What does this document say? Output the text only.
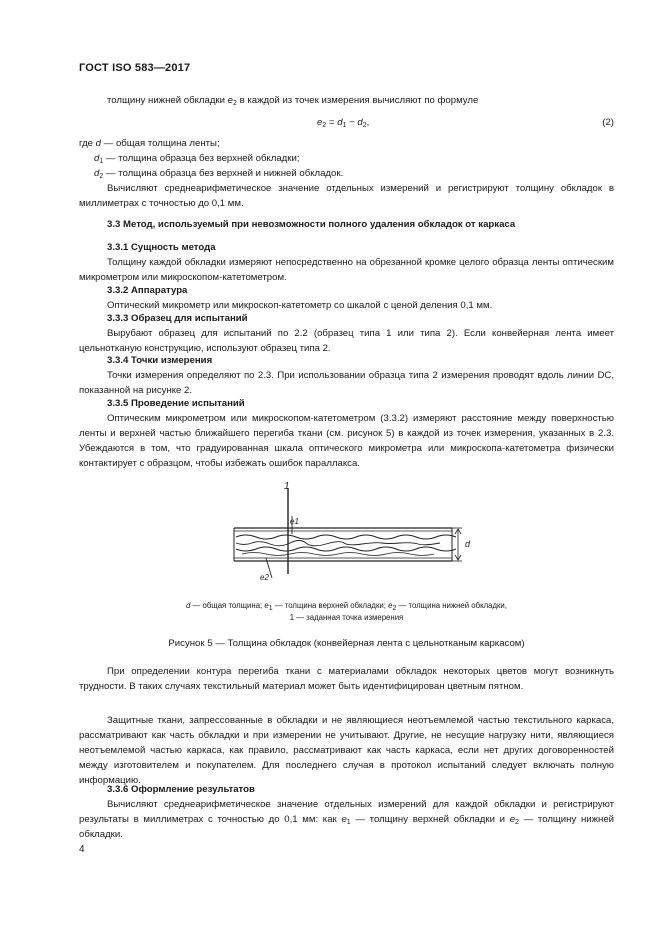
ГОСТ ISO 583—2017
толщину нижней обкладки $e_2$ в каждой из точек измерения вычисляют по формуле
$e_2 = d_1 - d_2$,	(2)
где d — общая толщина ленты;
$d_1$ — толщина образца без верхней обкладки;
$d_2$ — толщина образца без верхней и нижней обкладок.
Вычисляют среднеарифметическое значение отдельных измерений и регистрируют толщину обкладок в миллиметрах с точностью до 0,1 мм.
3.3 Метод, используемый при невозможности полного удаления обкладок от каркаса
3.3.1 Сущность метода
Толщину каждой обкладки измеряют непосредственно на обрезанной кромке целого образца ленты оптическим микрометром или микроскопом-катетометром.
3.3.2 Аппаратура
Оптический микрометр или микроскоп-катетометр со шкалой с ценой деления 0,1 мм.
3.3.3 Образец для испытаний
Вырубают образец для испытаний по 2.2 (образец типа 1 или типа 2). Если конвейерная лента имеет цельнотканую конструкцию, используют образец типа 2.
3.3.4 Точки измерения
Точки измерения определяют по 2.3. При использовании образца типа 2 измерения проводят вдоль линии DC, показанной на рисунке 2.
3.3.5 Проведение испытаний
Оптическим микрометром или микроскопом-катетометром (3.3.2) измеряют расстояние между поверхностью ленты и верхней частью ближайшего перегиба ткани (см. рисунок 5) в каждой из точек измерения, указанных в 2.3. Убеждаются в том, что градуированная шкала оптического микрометра или микроскопа-катетометра физически контактирует с образцом, чтобы избежать ошибок параллакса.
1
e1
e2
d
d — общая толщина; $e_1$ — толщина верхней обкладки; $e_2$ — толщина нижней обкладки,
1 — заданная точка измерения
Рисунок 5 — Толщина обкладок (конвейерная лента с цельнотканым каркасом)
При определении контура перегиба ткани с материалами обкладок некоторых цветов могут возникнуть трудности. В таких случаях текстильный материал может быть идентифицирован цветным пятном.
Защитные ткани, запрессованные в обкладки и не являющиеся неотъемлемой частью текстильного каркаса, рассматривают как часть обкладки и при измерении не учитывают. Другие, не несущие нагрузку нити, являющиеся неотъемлемой частью каркаса, как правило, рассматривают как часть каркаса, если нет других договоренностей между изготовителем и покупателем. Для последнего случая в протокол испытаний следует включать полную информацию.
3.3.6 Оформление результатов
Вычисляют среднеарифметическое значение отдельных измерений для каждой обкладки и регистрируют результаты в миллиметрах с точностью до 0,1 мм: как $e_1$ — толщину верхней обкладки и $e_2$ — толщину нижней обкладки.
4
